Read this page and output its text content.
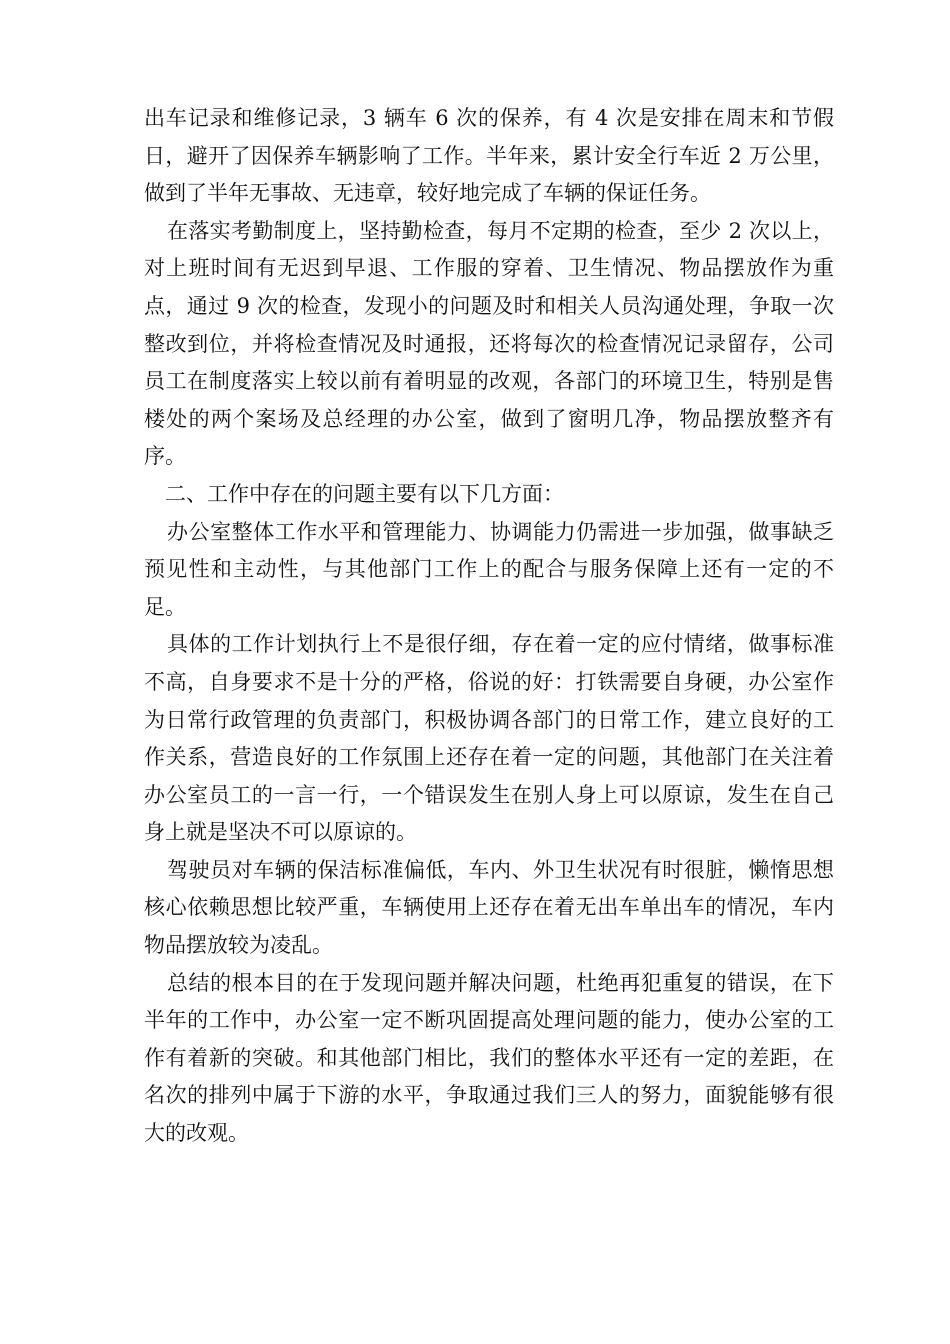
出车记录和维修记录，3 辆车 6 次的保养，有 4 次是安排在周末和节假日，避开了因保养车辆影响了工作。半年来，累计安全行车近 2 万公里，做到了半年无事故、无违章，较好地完成了车辆的保证任务。

在落实考勤制度上，坚持勤检查，每月不定期的检查，至少 2 次以上，对上班时间有无迟到早退、工作服的穿着、卫生情况、物品摆放作为重点，通过 9 次的检查，发现小的问题及时和相关人员沟通处理，争取一次整改到位，并将检查情况及时通报，还将每次的检查情况记录留存，公司员工在制度落实上较以前有着明显的改观，各部门的环境卫生，特别是售楼处的两个案场及总经理的办公室，做到了窗明几净，物品摆放整齐有序。

二、工作中存在的问题主要有以下几方面：

办公室整体工作水平和管理能力、协调能力仍需进一步加强，做事缺乏预见性和主动性，与其他部门工作上的配合与服务保障上还有一定的不足。

具体的工作计划执行上不是很仔细，存在着一定的应付情绪，做事标准不高，自身要求不是十分的严格，俗说的好：打铁需要自身硬，办公室作为日常行政管理的负责部门，积极协调各部门的日常工作，建立良好的工作关系，营造良好的工作氛围上还存在着一定的问题，其他部门在关注着办公室员工的一言一行，一个错误发生在别人身上可以原谅，发生在自己身上就是坚决不可以原谅的。

驾驶员对车辆的保洁标准偏低，车内、外卫生状况有时很脏，懒惰思想核心依赖思想比较严重，车辆使用上还存在着无出车单出车的情况，车内物品摆放较为凌乱。

总结的根本目的在于发现问题并解决问题，杜绝再犯重复的错误，在下半年的工作中，办公室一定不断巩固提高处理问题的能力，使办公室的工作有着新的突破。和其他部门相比，我们的整体水平还有一定的差距，在名次的排列中属于下游的水平，争取通过我们三人的努力，面貌能够有很大的改观。
